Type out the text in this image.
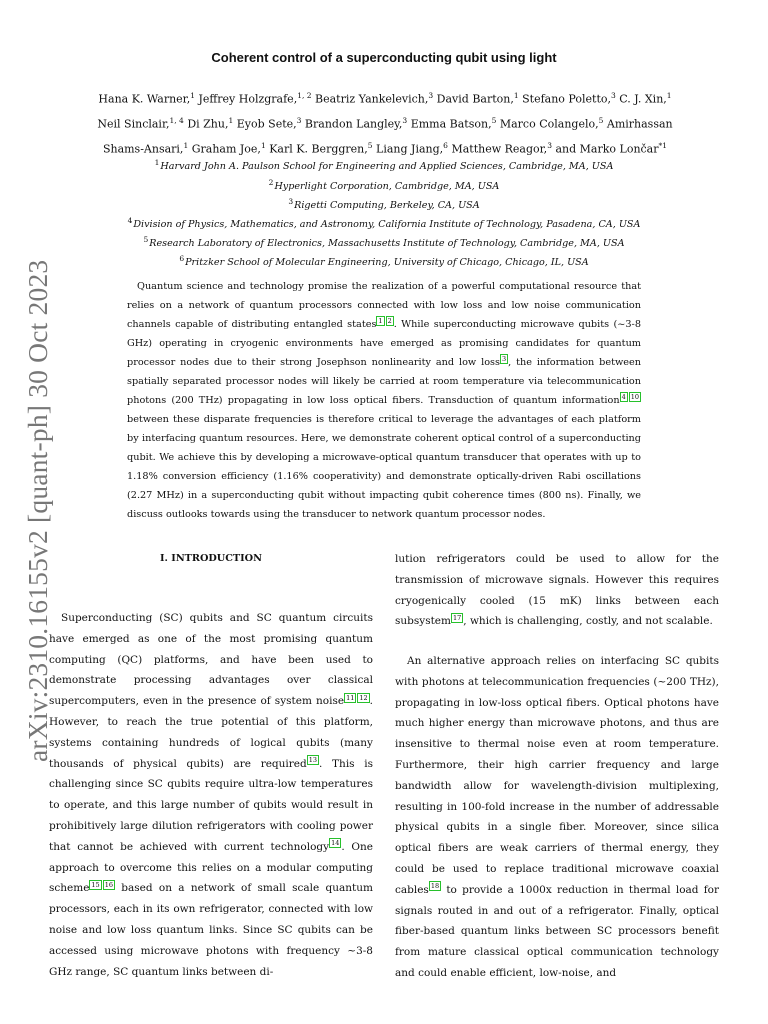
arXiv:2310.16155v2 [quant-ph] 30 Oct 2023
Coherent control of a superconducting qubit using light
Hana K. Warner,$^1$ Jeffrey Holzgrafe,$^{1, 2}$ Beatriz Yankelevich,$^3$ David Barton,$^1$ Stefano Poletto,$^3$ C. J. Xin,$^1$ Neil Sinclair,$^{1, 4}$ Di Zhu,$^1$ Eyob Sete,$^3$ Brandon Langley,$^3$ Emma Batson,$^5$ Marco Colangelo,$^5$ Amirhassan Shams-Ansari,$^1$ Graham Joe,$^1$ Karl K. Berggren,$^5$ Liang Jiang,$^6$ Matthew Reagor,$^3$ and Marko Lončar$^{*1}$
$^1$Harvard John A. Paulson School for Engineering and Applied Sciences, Cambridge, MA, USA
$^2$Hyperlight Corporation, Cambridge, MA, USA
$^3$Rigetti Computing, Berkeley, CA, USA
$^4$Division of Physics, Mathematics, and Astronomy, California Institute of Technology, Pasadena, CA, USA
$^5$Research Laboratory of Electronics, Massachusetts Institute of Technology, Cambridge, MA, USA
$^6$Pritzker School of Molecular Engineering, University of Chicago, Chicago, IL, USA
Quantum science and technology promise the realization of a powerful computational resource that relies on a network of quantum processors connected with low loss and low noise communication channels capable of distributing entangled states $^1$ $^2$ . While superconducting microwave qubits (~3-8 GHz) operating in cryogenic environments have emerged as promising candidates for quantum processor nodes due to their strong Josephson nonlinearity and low loss $^3$ , the information between spatially separated processor nodes will likely be carried at room temperature via telecommunication photons (200 THz) propagating in low loss optical fibers. Transduction of quantum information $^4$ $^{10}$ between these disparate frequencies is therefore critical to leverage the advantages of each platform by interfacing quantum resources. Here, we demonstrate coherent optical control of a superconducting qubit. We achieve this by developing a microwave-optical quantum transducer that operates with up to 1.18% conversion efficiency (1.16% cooperativity) and demonstrate optically-driven Rabi oscillations (2.27 MHz) in a superconducting qubit without impacting qubit coherence times (800 ns). Finally, we discuss outlooks towards using the transducer to network quantum processor nodes.
I. INTRODUCTION

Superconducting (SC) qubits and SC quantum circuits have emerged as one of the most promising quantum computing (QC) platforms, and have been used to demonstrate processing advantages over classical supercomputers, even in the presence of system noise $^{11}$ $^{12}$ . However, to reach the true potential of this platform, systems containing hundreds of logical qubits (many thousands of physical qubits) are required $^{13}$ . This is challenging since SC qubits require ultra-low temperatures to operate, and this large number of qubits would result in prohibitively large dilution refrigerators with cooling power that cannot be achieved with current technology $^{14}$ . One approach to overcome this relies on a modular computing scheme $^{15}$ $^{16}$ based on a network of small scale quantum processors, each in its own refrigerator, connected with low noise and low loss quantum links. Since SC qubits can be accessed using microwave photons with frequency ~3-8 GHz range, SC quantum links between di-

lution refrigerators could be used to allow for the transmission of microwave signals. However this requires cryogenically cooled (15 mK) links between each subsystem $^{17}$ , which is challenging, costly, and not scalable.

An alternative approach relies on interfacing SC qubits with photons at telecommunication frequencies (~200 THz), propagating in low-loss optical fibers. Optical photons have much higher energy than microwave photons, and thus are insensitive to thermal noise even at room temperature. Furthermore, their high carrier frequency and large bandwidth allow for wavelength-division multiplexing, resulting in 100-fold increase in the number of addressable physical qubits in a single fiber. Moreover, since silica optical fibers are weak carriers of thermal energy, they could be used to replace traditional microwave coaxial cables $^{18}$ to provide a 1000x reduction in thermal load for signals routed in and out of a refrigerator. Finally, optical fiber-based quantum links between SC processors benefit from mature classical optical communication technology and could enable efficient, low-noise, and
